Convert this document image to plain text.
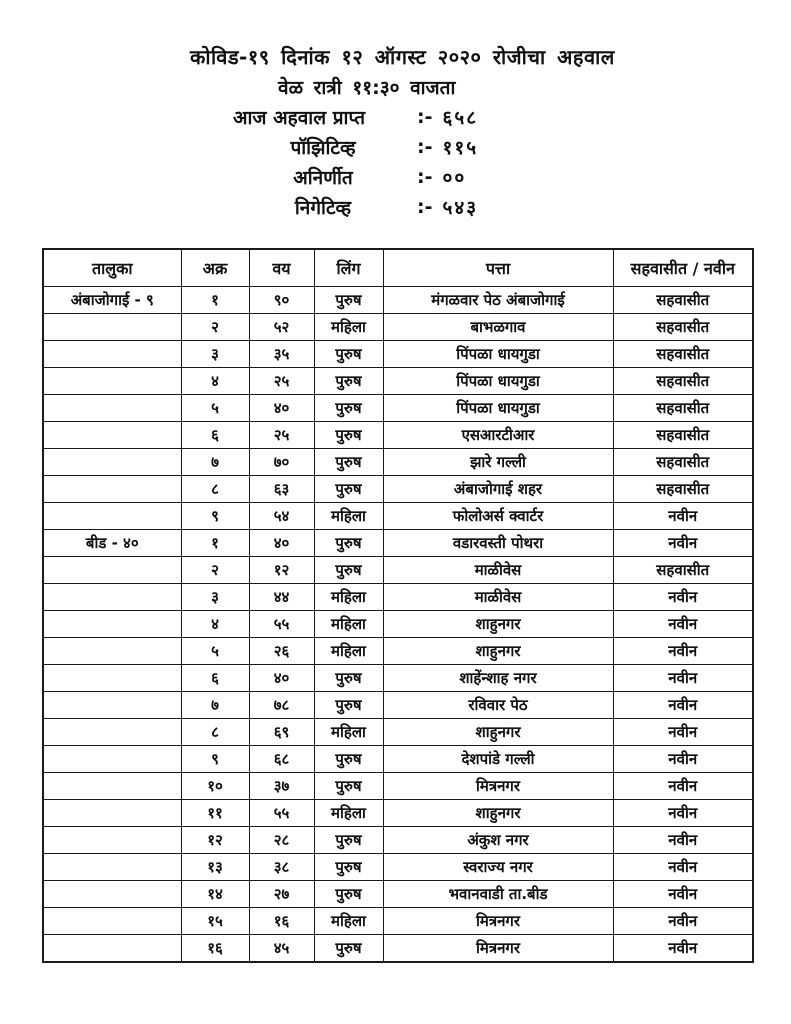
कोविड-१९ दिनांक १२ ऑगस्ट २०२० रोजीचा अहवाल
वेळ रात्री ११:३० वाजता
आज अहवाल प्राप्त	:- ६५८
पॉझिटिव्ह	:- ११५
अनिर्णीत	:- ००
निगेटिव्ह	:- ५४३
तालुका	अक्र	वय	लिंग	पत्ता	सहवासीत / नवीन
अंबाजोगाई - ९	१	९०	पुरुष	मंगळवार पेठ अंबाजोगाई	सहवासीत
	२	५२	महिला	बाभळगाव	सहवासीत
	३	३५	पुरुष	पिंपळा धायगुडा	सहवासीत
	४	२५	पुरुष	पिंपळा धायगुडा	सहवासीत
	५	४०	पुरुष	पिंपळा धायगुडा	सहवासीत
	६	२५	पुरुष	एसआरटीआर	सहवासीत
	७	७०	पुरुष	झारे गल्ली	सहवासीत
	८	६३	पुरुष	अंबाजोगाई शहर	सहवासीत
	९	५४	महिला	फोलोअर्स क्वार्टर	नवीन
बीड - ४०	१	४०	पुरुष	वडारवस्ती पोथरा	नवीन
	२	१२	पुरुष	माळीवेस	सहवासीत
	३	४४	महिला	माळीवेस	नवीन
	४	५५	महिला	शाहुनगर	नवीन
	५	२६	महिला	शाहुनगर	नवीन
	६	४०	पुरुष	शाहेंन्शाह नगर	नवीन
	७	७८	पुरुष	रविवार पेठ	नवीन
	८	६९	महिला	शाहुनगर	नवीन
	९	६८	पुरुष	देशपांडे गल्ली	नवीन
	१०	३७	पुरुष	मित्रनगर	नवीन
	११	५५	महिला	शाहुनगर	नवीन
	१२	२८	पुरुष	अंकुश नगर	नवीन
	१३	३८	पुरुष	स्वराज्य नगर	नवीन
	१४	२७	पुरुष	भवानवाडी ता.बीड	नवीन
	१५	१६	महिला	मित्रनगर	नवीन
	१६	४५	पुरुष	मित्रनगर	नवीन
